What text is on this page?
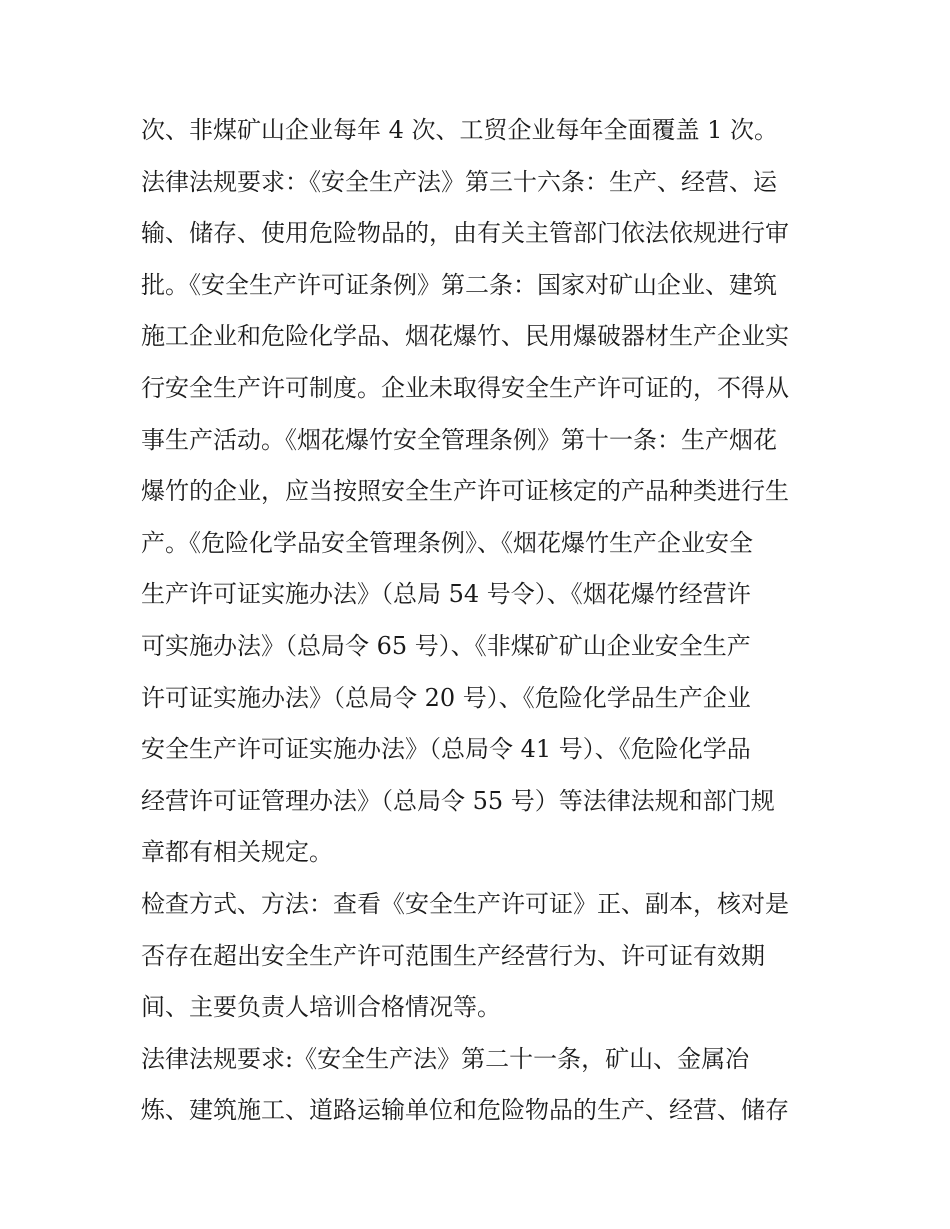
次、非煤矿山企业每年 4 次、工贸企业每年全面覆盖 1 次。
法律法规要求：《安全生产法》第三十六条：生产、经营、运
输、储存、使用危险物品的，由有关主管部门依法依规进行审
批。《安全生产许可证条例》第二条：国家对矿山企业、建筑
施工企业和危险化学品、烟花爆竹、民用爆破器材生产企业实
行安全生产许可制度。企业未取得安全生产许可证的，不得从
事生产活动。《烟花爆竹安全管理条例》第十一条：生产烟花
爆竹的企业，应当按照安全生产许可证核定的产品种类进行生
产。《危险化学品安全管理条例》、《烟花爆竹生产企业安全
生产许可证实施办法》（总局 54 号令）、《烟花爆竹经营许
可实施办法》（总局令 65 号）、《非煤矿矿山企业安全生产
许可证实施办法》（总局令 20 号）、《危险化学品生产企业
安全生产许可证实施办法》（总局令 41 号）、《危险化学品
经营许可证管理办法》（总局令 55 号）等法律法规和部门规
章都有相关规定。
检查方式、方法：查看《安全生产许可证》正、副本，核对是
否存在超出安全生产许可范围生产经营行为、许可证有效期
间、主要负责人培训合格情况等。
法律法规要求:《安全生产法》第二十一条，矿山、金属冶
炼、建筑施工、道路运输单位和危险物品的生产、经营、储存
